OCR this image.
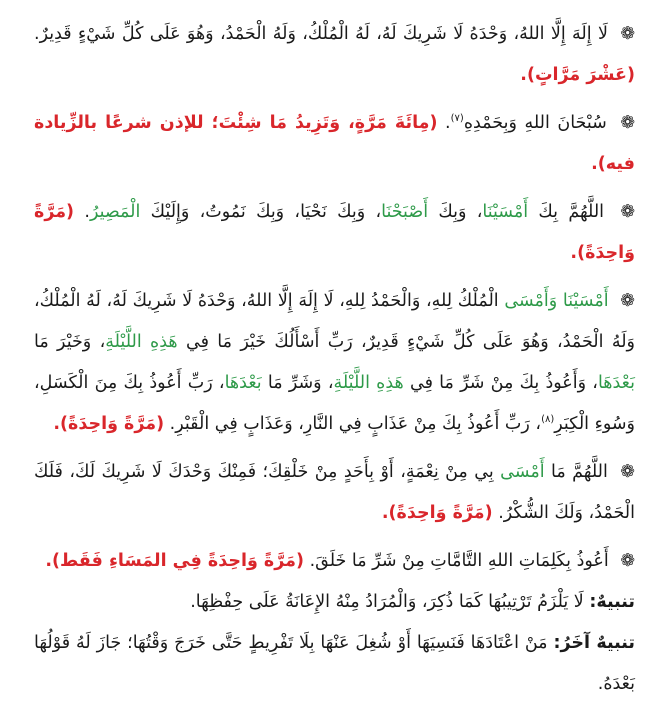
❁ لَا إِلَهَ إِلَّا اللهُ، وَحْدَهُ لَا شَرِيكَ لَهُ، لَهُ الْمُلْكُ، وَلَهُ الْحَمْدُ، وَهُوَ عَلَى كُلِّ شَيْءٍ قَدِيرٌ. (عَشْرَ مَرَّاتٍ).

❁ سُبْحَانَ اللهِ وَبِحَمْدِهِ$^{(٧)}$. (مِائَةَ مَرَّةٍ، وَتَزِيدُ مَا شِئْتَ؛ للإذن شرعًا بالزِّيادة فيه).

❁ اللَّهُمَّ بِكَ أَمْسَيْنَا، وَبِكَ أَصْبَحْنَا، وَبِكَ نَحْيَا، وَبِكَ نَمُوتُ، وَإِلَيْكَ الْمَصِيرُ. (مَرَّةً وَاحِدَةً).

❁ أَمْسَيْنَا وَأَمْسَى الْمُلْكُ لِلهِ، وَالْحَمْدُ لِلهِ، لَا إِلَهَ إِلَّا اللهُ، وَحْدَهُ لَا شَرِيكَ لَهُ، لَهُ الْمُلْكُ، وَلَهُ الْحَمْدُ، وَهُوَ عَلَى كُلِّ شَيْءٍ قَدِيرٌ، رَبِّ أَسْأَلُكَ خَيْرَ مَا فِي هَذِهِ اللَّيْلَةِ، وَخَيْرَ مَا بَعْدَهَا، وَأَعُوذُ بِكَ مِنْ شَرِّ مَا فِي هَذِهِ اللَّيْلَةِ، وَشَرِّ مَا بَعْدَهَا، رَبِّ أَعُوذُ بِكَ مِنَ الْكَسَلِ، وَسُوءِ الْكِبَرِ$^{(٨)}$، رَبِّ أَعُوذُ بِكَ مِنْ عَذَابٍ فِي النَّارِ، وَعَذَابٍ فِي الْقَبْرِ. (مَرَّةً وَاحِدَةً).

❁ اللَّهُمَّ مَا أَمْسَى بِي مِنْ نِعْمَةٍ، أَوْ بِأَحَدٍ مِنْ خَلْقِكَ؛ فَمِنْكَ وَحْدَكَ لَا شَرِيكَ لَكَ، فَلَكَ الْحَمْدُ، وَلَكَ الشُّكْرُ. (مَرَّةً وَاحِدَةً).

❁ أَعُوذُ بِكَلِمَاتِ اللهِ التَّامَّاتِ مِنْ شَرِّ مَا خَلَقَ. (مَرَّةً وَاحِدَةً فِي المَسَاءِ فَقَط).

تنبيهٌ: لَا يَلْزَمُ تَرْتِيبُهَا كَمَا ذُكِرَ، وَالْمُرَادُ مِنْهُ الإِعَانَةُ عَلَى حِفْظِهَا.

تنبيهٌ آخَرُ: مَنْ اعْتَادَهَا فَنَسِيَهَا أَوْ شُغِلَ عَنْهَا بِلَا تَفْرِيطٍ حَتَّى خَرَجَ وَقْتُهَا؛ جَازَ لَهُ قَوْلُهَا بَعْدَهُ.
